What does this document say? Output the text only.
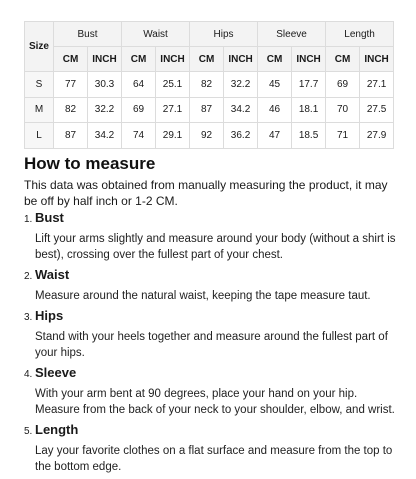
Size	Bust		Waist		Hips		Sleeve		Length	
	CM	INCH	CM	INCH	CM	INCH	CM	INCH	CM	INCH
S	77	30.3	64	25.1	82	32.2	45	17.7	69	27.1
M	82	32.2	69	27.1	87	34.2	46	18.1	70	27.5
L	87	34.2	74	29.1	92	36.2	47	18.5	71	27.9
How to measure

This data was obtained from manually measuring the product, it may be off by half inch or 1-2 CM.

1. Bust
Lift your arms slightly and measure around your body (without a shirt is best), crossing over the fullest part of your chest.
2. Waist
Measure around the natural waist, keeping the tape measure taut.
3. Hips
Stand with your heels together and measure around the fullest part of your hips.
4. Sleeve
With your arm bent at 90 degrees, place your hand on your hip. Measure from the back of your neck to your shoulder, elbow, and wrist.
5. Length
Lay your favorite clothes on a flat surface and measure from the top to the bottom edge.
